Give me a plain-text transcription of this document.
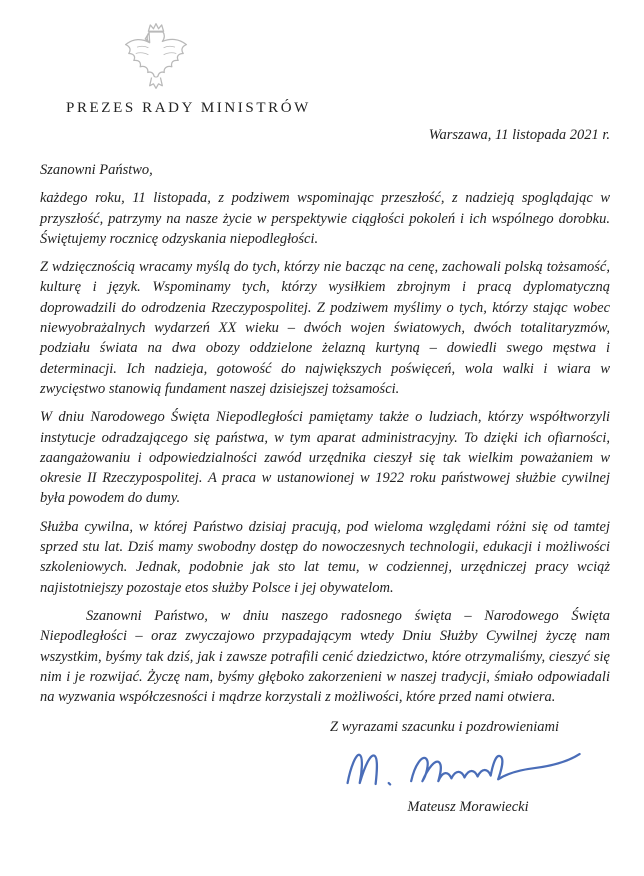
PREZES RADY MINISTRÓW
Warszawa, 11 listopada 2021 r.

Szanowni Państwo,

każdego roku, 11 listopada, z podziwem wspominając przeszłość, z nadzieją spoglądając w przyszłość, patrzymy na nasze życie w perspektywie ciągłości pokoleń i ich wspólnego dorobku. Świętujemy rocznicę odzyskania niepodległości.

Z wdzięcznością wracamy myślą do tych, którzy nie bacząc na cenę, zachowali polską tożsamość, kulturę i język. Wspominamy tych, którzy wysiłkiem zbrojnym i pracą dyplomatyczną doprowadzili do odrodzenia Rzeczypospolitej. Z podziwem myślimy o tych, którzy stając wobec niewyobrażalnych wydarzeń XX wieku – dwóch wojen światowych, dwóch totalitaryzmów, podziału świata na dwa obozy oddzielone żelazną kurtyną – dowiedli swego męstwa i determinacji. Ich nadzieja, gotowość do największych poświęceń, wola walki i wiara w zwycięstwo stanowią fundament naszej dzisiejszej tożsamości.

W dniu Narodowego Święta Niepodległości pamiętamy także o ludziach, którzy współtworzyli instytucje odradzającego się państwa, w tym aparat administracyjny. To dzięki ich ofiarności, zaangażowaniu i odpowiedzialności zawód urzędnika cieszył się tak wielkim poważaniem w okresie II Rzeczypospolitej. A praca w ustanowionej w 1922 roku państwowej służbie cywilnej była powodem do dumy.

Służba cywilna, w której Państwo dzisiaj pracują, pod wieloma względami różni się od tamtej sprzed stu lat. Dziś mamy swobodny dostęp do nowoczesnych technologii, edukacji i możliwości szkoleniowych. Jednak, podobnie jak sto lat temu, w codziennej, urzędniczej pracy wciąż najistotniejszy pozostaje etos służby Polsce i jej obywatelom.

Szanowni Państwo, w dniu naszego radosnego święta – Narodowego Święta Niepodległości – oraz zwyczajowo przypadającym wtedy Dniu Służby Cywilnej życzę nam wszystkim, byśmy tak dziś, jak i zawsze potrafili cenić dziedzictwo, które otrzymaliśmy, cieszyć się nim i je rozwijać. Życzę nam, byśmy głęboko zakorzenieni w naszej tradycji, śmiało odpowiadali na wyzwania współczesności i mądrze korzystali z możliwości, które przed nami otwiera.

Z wyrazami szacunku i pozdrowieniami
Mateusz Morawiecki
